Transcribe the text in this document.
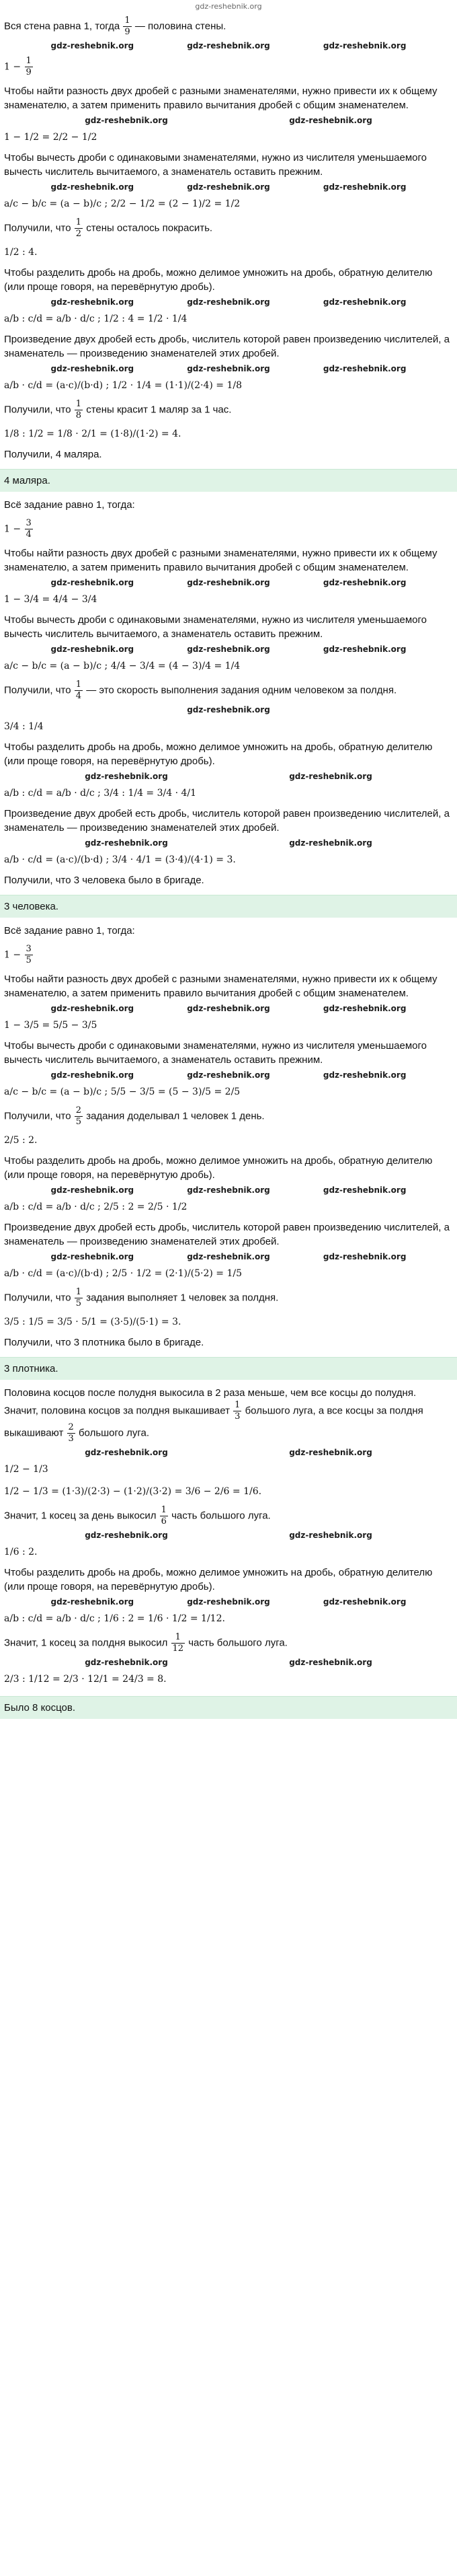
gdz-reshebnik.org

Вся стена равна 1, тогда $\frac{1}{9}$ — половина стены.

gdz-reshebnik.org	gdz-reshebnik.org	gdz-reshebnik.org

$1 - \frac{1}{9}$

Чтобы найти разность двух дробей с разными знаменателями, нужно привести их к общему знаменателю, а затем применить правило вычитания дробей с общим знаменателем.

gdz-reshebnik.org	gdz-reshebnik.org

1 − 1/2 = 2/2 − 1/2

Чтобы вычесть дроби с одинаковыми знаменателями, нужно из числителя уменьшаемого вычесть числитель вычитаемого, а знаменатель оставить прежним.

gdz-reshebnik.org	gdz-reshebnik.org	gdz-reshebnik.org

a/c − b/c = (a − b)/c ; 2/2 − 1/2 = (2 − 1)/2 = 1/2

Получили, что $\frac{1}{2}$ стены осталось покрасить.

1/2 : 4.

Чтобы разделить дробь на дробь, можно делимое умножить на дробь, обратную делителю (или проще говоря, на перевёрнутую дробь).

gdz-reshebnik.org	gdz-reshebnik.org	gdz-reshebnik.org

a/b : c/d = a/b · d/c ; 1/2 : 4 = 1/2 · 1/4

Произведение двух дробей есть дробь, числитель которой равен произведению числителей, а знаменатель — произведению знаменателей этих дробей.

gdz-reshebnik.org	gdz-reshebnik.org	gdz-reshebnik.org

a/b · c/d = (a·c)/(b·d) ; 1/2 · 1/4 = (1·1)/(2·4) = 1/8

Получили, что $\frac{1}{8}$ стены красит 1 маляр за 1 час.

1/8 : 1/2 = 1/8 · 2/1 = (1·8)/(1·2) = 4.

Получили, 4 маляра.

4 маляра.

Всё задание равно 1, тогда:

$1 - \frac{3}{4}$

Чтобы найти разность двух дробей с разными знаменателями, нужно привести их к общему знаменателю, а затем применить правило вычитания дробей с общим знаменателем.

gdz-reshebnik.org	gdz-reshebnik.org	gdz-reshebnik.org

1 − 3/4 = 4/4 − 3/4

Чтобы вычесть дроби с одинаковыми знаменателями, нужно из числителя уменьшаемого вычесть числитель вычитаемого, а знаменатель оставить прежним.

gdz-reshebnik.org	gdz-reshebnik.org	gdz-reshebnik.org

a/c − b/c = (a − b)/c ; 4/4 − 3/4 = (4 − 3)/4 = 1/4

Получили, что $\frac{1}{4}$ — это скорость выполнения задания одним человеком за полдня.

gdz-reshebnik.org

3/4 : 1/4

Чтобы разделить дробь на дробь, можно делимое умножить на дробь, обратную делителю (или проще говоря, на перевёрнутую дробь).

gdz-reshebnik.org	gdz-reshebnik.org

a/b : c/d = a/b · d/c ; 3/4 : 1/4 = 3/4 · 4/1

Произведение двух дробей есть дробь, числитель которой равен произведению числителей, а знаменатель — произведению знаменателей этих дробей.

gdz-reshebnik.org	gdz-reshebnik.org

a/b · c/d = (a·c)/(b·d) ; 3/4 · 4/1 = (3·4)/(4·1) = 3.

Получили, что 3 человека было в бригаде.

3 человека.

Всё задание равно 1, тогда:

$1 - \frac{3}{5}$

Чтобы найти разность двух дробей с разными знаменателями, нужно привести их к общему знаменателю, а затем применить правило вычитания дробей с общим знаменателем.

gdz-reshebnik.org	gdz-reshebnik.org	gdz-reshebnik.org

1 − 3/5 = 5/5 − 3/5

Чтобы вычесть дроби с одинаковыми знаменателями, нужно из числителя уменьшаемого вычесть числитель вычитаемого, а знаменатель оставить прежним.

gdz-reshebnik.org	gdz-reshebnik.org	gdz-reshebnik.org

a/c − b/c = (a − b)/c ; 5/5 − 3/5 = (5 − 3)/5 = 2/5

Получили, что $\frac{2}{5}$ задания доделывал 1 человек 1 день.

2/5 : 2.

Чтобы разделить дробь на дробь, можно делимое умножить на дробь, обратную делителю (или проще говоря, на перевёрнутую дробь).

gdz-reshebnik.org	gdz-reshebnik.org	gdz-reshebnik.org

a/b : c/d = a/b · d/c ; 2/5 : 2 = 2/5 · 1/2

Произведение двух дробей есть дробь, числитель которой равен произведению числителей, а знаменатель — произведению знаменателей этих дробей.

gdz-reshebnik.org	gdz-reshebnik.org	gdz-reshebnik.org

a/b · c/d = (a·c)/(b·d) ; 2/5 · 1/2 = (2·1)/(5·2) = 1/5

Получили, что $\frac{1}{5}$ задания выполняет 1 человек за полдня.

3/5 : 1/5 = 3/5 · 5/1 = (3·5)/(5·1) = 3.

Получили, что 3 плотника было в бригаде.

3 плотника.

Половина косцов после полудня выкосила в 2 раза меньше, чем все косцы до полудня. Значит, половина косцов за полдня выкашивает $\frac{1}{3}$ большого луга, а все косцы за полдня выкашивают $\frac{2}{3}$ большого луга.

gdz-reshebnik.org	gdz-reshebnik.org

1/2 − 1/3

1/2 − 1/3 = (1·3)/(2·3) − (1·2)/(3·2) = 3/6 − 2/6 = 1/6.

Значит, 1 косец за день выкосил $\frac{1}{6}$ часть большого луга.

gdz-reshebnik.org	gdz-reshebnik.org

1/6 : 2.

Чтобы разделить дробь на дробь, можно делимое умножить на дробь, обратную делителю (или проще говоря, на перевёрнутую дробь).

gdz-reshebnik.org	gdz-reshebnik.org	gdz-reshebnik.org

a/b : c/d = a/b · d/c ; 1/6 : 2 = 1/6 · 1/2 = 1/12.

Значит, 1 косец за полдня выкосил $\frac{1}{12}$ часть большого луга.

gdz-reshebnik.org	gdz-reshebnik.org

2/3 : 1/12 = 2/3 · 12/1 = 24/3 = 8.

Было 8 косцов.
